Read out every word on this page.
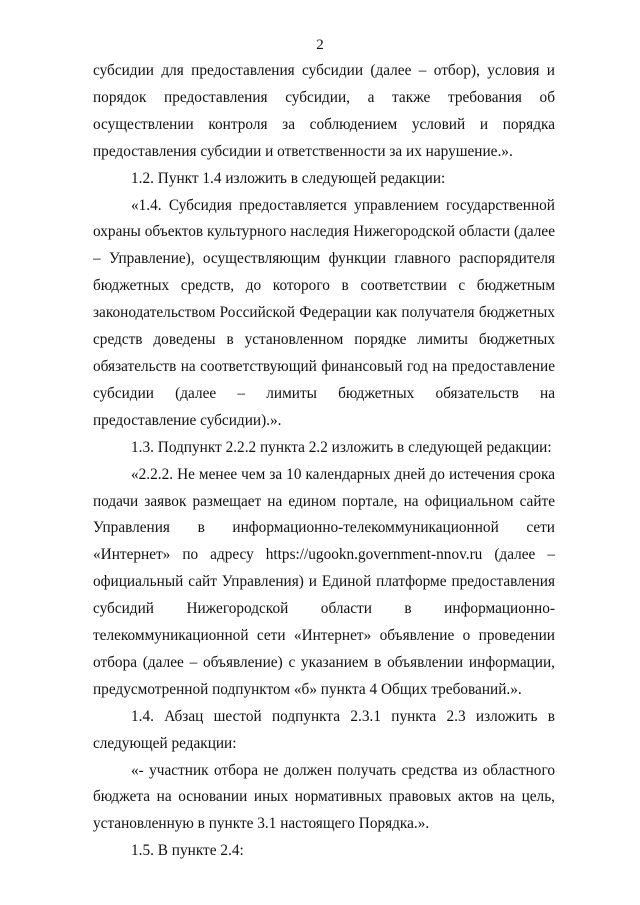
2

субсидии для предоставления субсидии (далее – отбор), условия и порядок предоставления субсидии, а также требования об осуществлении контроля за соблюдением условий и порядка предоставления субсидии и ответственности за их нарушение.».

1.2. Пункт 1.4 изложить в следующей редакции:

«1.4. Субсидия предоставляется управлением государственной охраны объектов культурного наследия Нижегородской области (далее – Управление), осуществляющим функции главного распорядителя бюджетных средств, до которого в соответствии с бюджетным законодательством Российской Федерации как получателя бюджетных средств доведены в установленном порядке лимиты бюджетных обязательств на соответствующий финансовый год на предоставление субсидии (далее – лимиты бюджетных обязательств на предоставление субсидии).».

1.3. Подпункт 2.2.2 пункта 2.2 изложить в следующей редакции:

«2.2.2. Не менее чем за 10 календарных дней до истечения срока подачи заявок размещает на едином портале, на официальном сайте Управления в информационно-телекоммуникационной сети «Интернет» по адресу https://ugookn.government-nnov.ru (далее – официальный сайт Управления) и Единой платформе предоставления субсидий Нижегородской области в информационно-телекоммуникационной сети «Интернет» объявление о проведении отбора (далее – объявление) с указанием в объявлении информации, предусмотренной подпунктом «б» пункта 4 Общих требований.».

1.4. Абзац шестой подпункта 2.3.1 пункта 2.3 изложить в следующей редакции:

«- участник отбора не должен получать средства из областного бюджета на основании иных нормативных правовых актов на цель, установленную в пункте 3.1 настоящего Порядка.».

1.5. В пункте 2.4:
